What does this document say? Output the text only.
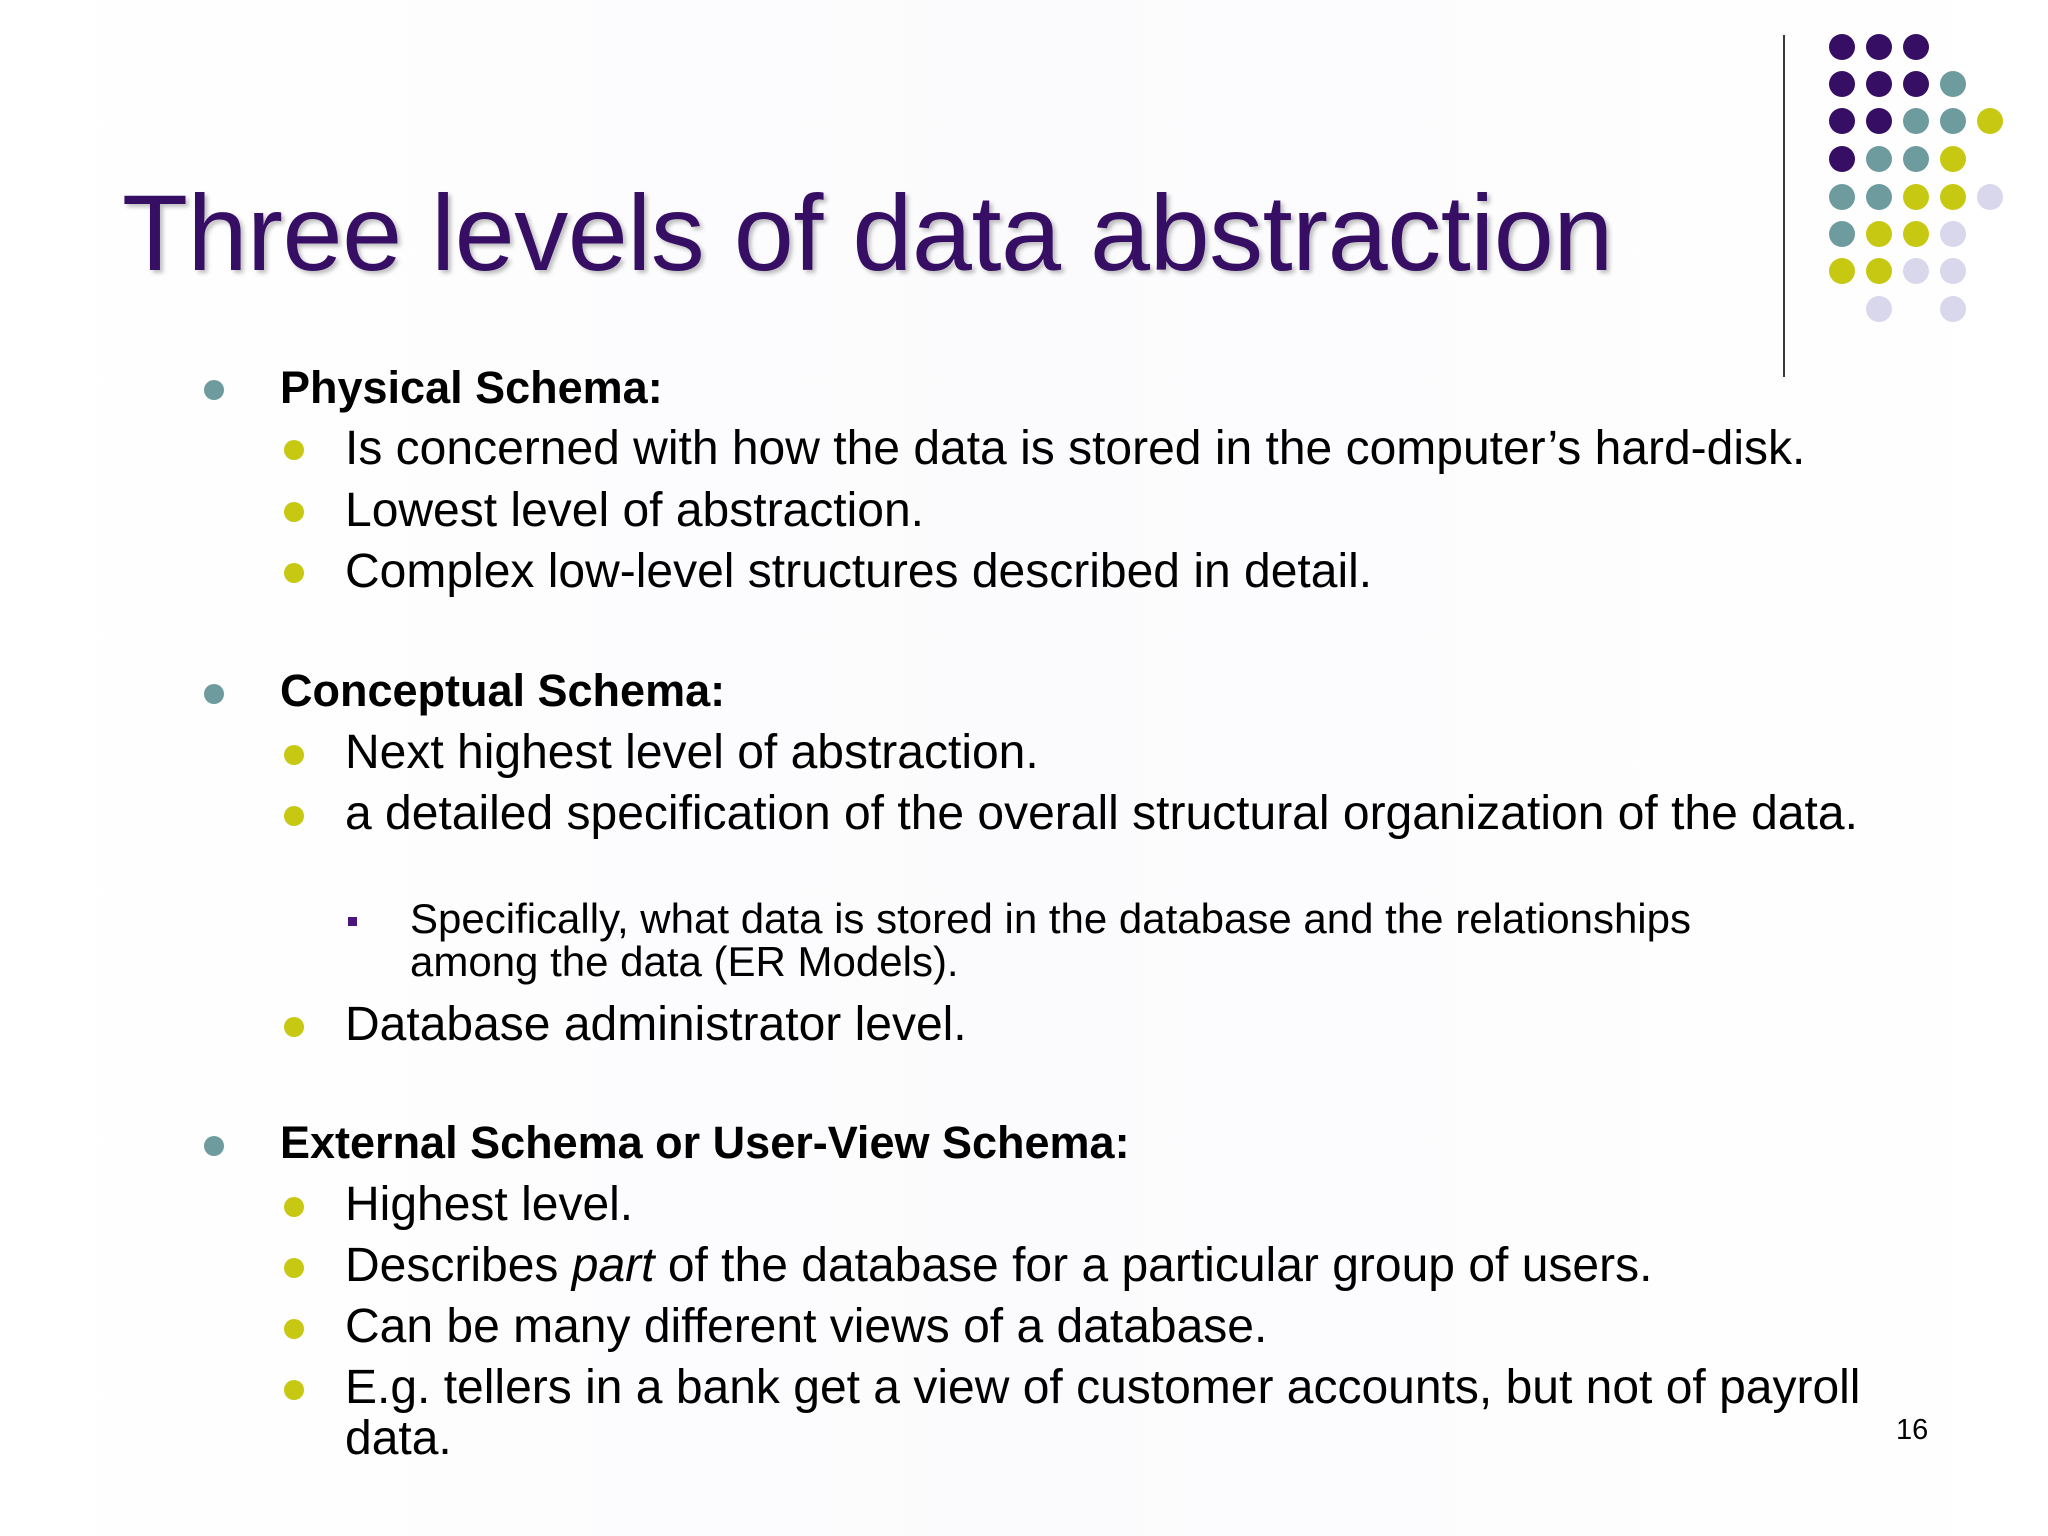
Three levels of data abstraction

Physical Schema:

Is concerned with how the data is stored in the computer’s hard-disk.

Lowest level of abstraction.

Complex low-level structures described in detail.

Conceptual Schema:

Next highest level of abstraction.

a detailed specification of the overall structural organization of the data.

Specifically, what data is stored in the database and the relationships among the data (ER Models).

Database administrator level.

External Schema or User-View Schema:

Highest level.

Describes part of the database for a particular group of users.

Can be many different views of a database.

E.g. tellers in a bank get a view of customer accounts, but not of payroll data.	16
